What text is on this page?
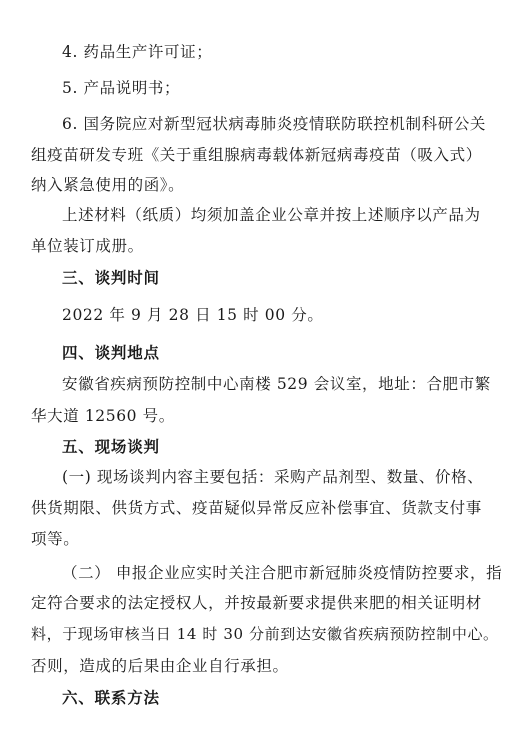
4. 药品生产许可证；
5. 产品说明书；
6. 国务院应对新型冠状病毒肺炎疫情联防联控机制科研公关
组疫苗研发专班《关于重组腺病毒载体新冠病毒疫苗（吸入式）
纳入紧急使用的函》。
上述材料（纸质）均须加盖企业公章并按上述顺序以产品为
单位装订成册。
三、谈判时间
2022 年 9 月 28 日 15 时 00 分。
四、谈判地点
安徽省疾病预防控制中心南楼 529 会议室，地址：合肥市繁
华大道 12560 号。
五、现场谈判
(一) 现场谈判内容主要包括：采购产品剂型、数量、价格、
供货期限、供货方式、疫苗疑似异常反应补偿事宜、货款支付事
项等。
（二） 申报企业应实时关注合肥市新冠肺炎疫情防控要求，指
定符合要求的法定授权人，并按最新要求提供来肥的相关证明材
料，于现场审核当日 14 时 30 分前到达安徽省疾病预防控制中心。
否则，造成的后果由企业自行承担。
六、联系方法
